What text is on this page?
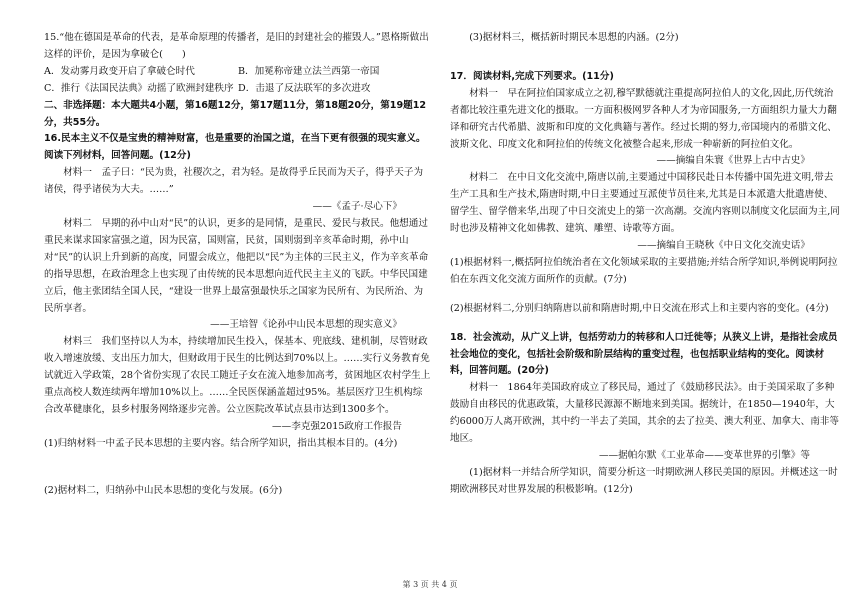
15.“他在德国是革命的代表，是革命原理的传播者，是旧的封建社会的摧毁人。”恩格斯做出这样的评价，是因为拿破仑(　　)

A．发动雾月政变开启了拿破仑时代	B．加冕称帝建立法兰西第一帝国
C．推行《法国民法典》动摇了欧洲封建秩序 D．击退了反法联军的多次进攻

二、非选择题：本大题共4小题，第16题12分，第17题11分，第18题20分，第19题12分，共55分。

16.民本主义不仅是宝贵的精神财富，也是重要的治国之道，在当下更有很强的现实意义。阅读下列材料，回答问题。(12分)

材料一　孟子曰：“民为贵，社稷次之，君为轻。是故得乎丘民而为天子，得乎天子为诸侯，得乎诸侯为大夫。……”

——《孟子·尽心下》

材料二　早期的孙中山对“民”的认识，更多的是同情，是重民、爱民与救民。他想通过重民来谋求国家富强之道，因为民富，国则富，民贫，国则弱到辛亥革命时期，孙中山对“民”的认识上升到新的高度，同盟会成立，他把以“民”为主体的三民主义，作为辛亥革命的指导思想，在政治理念上也实现了由传统的民本思想向近代民主主义的飞跃。中华民国建立后，他主张团结全国人民，“建设一世界上最富强最快乐之国家为民所有、为民所治、为民所享者。

——王培智《论孙中山民本思想的现实意义》

材料三　我们坚持以人为本，持续增加民生投入，保基本、兜底线、建机制，尽管财政收入增速放缓、支出压力加大，但财政用于民生的比例达到70%以上。……实行义务教育免试就近入学政策，28个省份实现了农民工随迁子女在流入地参加高考，贫困地区农村学生上重点高校人数连续两年增加10%以上。……全民医保涵盖超过95%。基层医疗卫生机构综合改革健康化，县乡村服务网络逐步完善。公立医院改革试点县市达到1300多个。

——李克强2015政府工作报告

(1)归纳材料一中孟子民本思想的主要内容。结合所学知识，指出其根本目的。(4分)

(2)据材料二，归纳孙中山民本思想的变化与发展。(6分)

(3)据材料三，概括新时期民本思想的内涵。(2分)

17．阅读材料,完成下列要求。(11分)

材料一　早在阿拉伯国家成立之初,穆罕默德就注重提高阿拉伯人的文化,因此,历代统治者都比较注重先进文化的摄取。一方面积极网罗各种人才为帝国服务,一方面组织力量大力翻译和研究古代希腊、波斯和印度的文化典籍与著作。经过长期的努力,帝国境内的希腊文化、波斯文化、印度文化和阿拉伯的传统文化被整合起来,形成一种崭新的阿拉伯文化。

——摘编自朱寰《世界上古中古史》

材料二　在中日文化交流中,隋唐以前,主要通过中国移民赴日本传播中国先进文明,带去生产工具和生产技术,隋唐时期,中日主要通过互派使节员往来,尤其是日本派遣大批遣唐使、留学生、留学僧来华,出现了中日交流史上的第一次高潮。交流内容则以制度文化层面为主,同时也涉及精神文化如佛教、建筑、雕塑、诗歌等方面。

——摘编自王晓秋《中日文化交流史话》

(1)根据材料一,概括阿拉伯统治者在文化领域采取的主要措施;并结合所学知识,举例说明阿拉伯在东西文化交流方面所作的贡献。(7分)

(2)根据材料二,分别归纳隋唐以前和隋唐时期,中日交流在形式上和主要内容的变化。(4分)

18．社会流动，从广义上讲，包括劳动力的转移和人口迁徙等；从狭义上讲，是指社会成员社会地位的变化，包括社会阶级和阶层结构的重变过程，也包括职业结构的变化。阅读材料，回答问题。(20分)

材料一　1864年美国政府成立了移民局，通过了《鼓励移民法》。由于美国采取了多种鼓励自由移民的优惠政策，大量移民源源不断地来到美国。据统计，在1850—1940年，大约6000万人离开欧洲，其中约一半去了美国，其余的去了拉美、澳大利亚、加拿大、南非等地区。

——据帕尔默《工业革命——变革世界的引擎》等

(1)据材料一并结合所学知识，简要分析这一时期欧洲人移民美国的原因。并概述这一时期欧洲移民对世界发展的积极影响。(12分)

第 3 页 共 4 页
